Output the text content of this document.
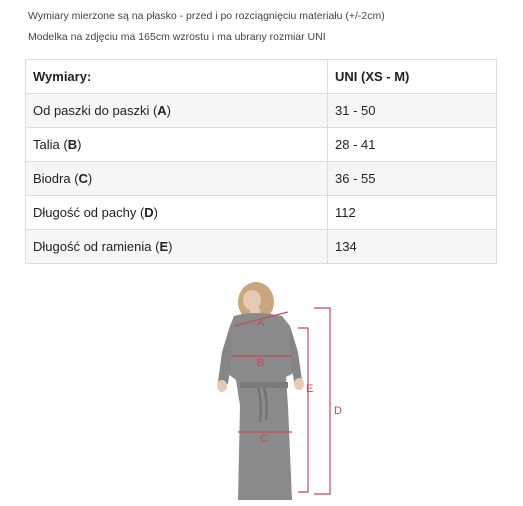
Wymiary mierzone są na płasko - przed i po rozciągnięciu materiału (+/-2cm)

Modelka na zdjęciu ma 165cm wzrostu i ma ubrany rozmiar UNI

Wymiary:	UNI (XS - M)
Od paszki do paszki (A)	31 - 50
Talia (B)	28 - 41
Biodra (C)	36 - 55
Długość od pachy (D)	112
Długość od ramienia (E)	134
A
B
C
E
D
